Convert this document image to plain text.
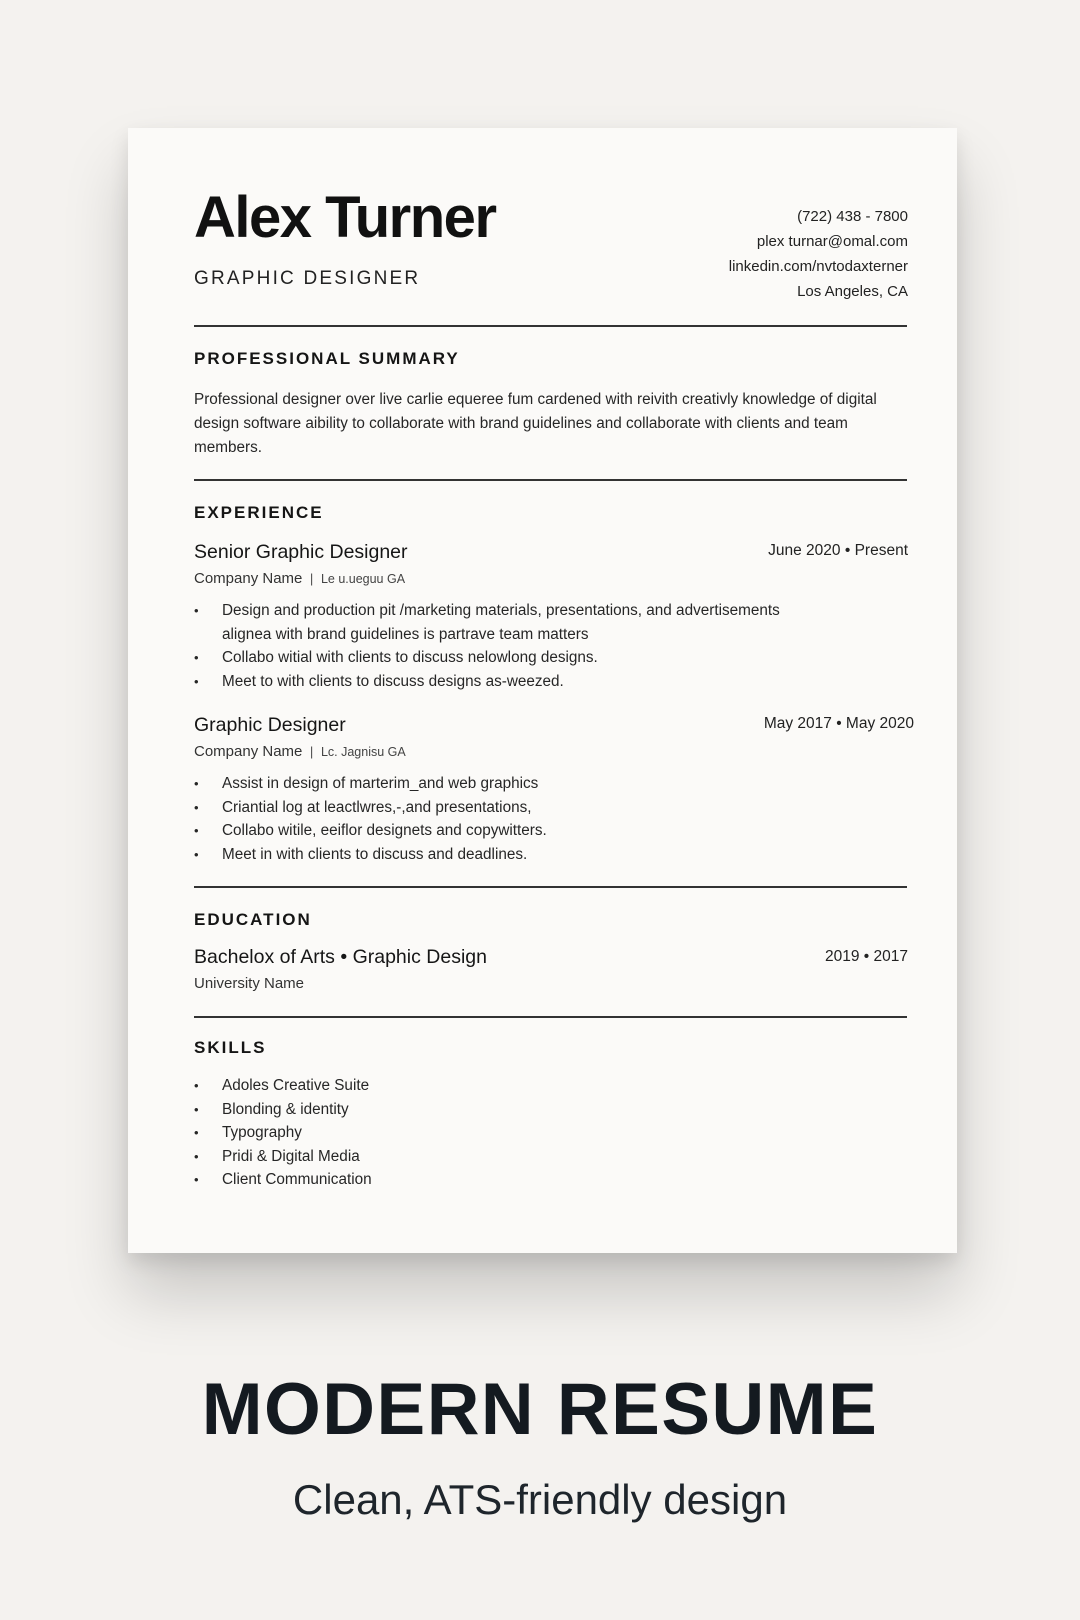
Alex Turner
GRAPHIC DESIGNER
(722) 438 - 7800
plex turnar@omal.com
linkedin.com/nvtodaxterner
Los Angeles, CA
PROFESSIONAL SUMMARY
Professional designer over live carlie equeree fum cardened with reivith creativly knowledge of digital design software aibility to collaborate with brand guidelines and collaborate with clients and team members.
EXPERIENCE
Senior Graphic Designer	June 2020 • Present
Company Name  |  Le u.ueguu GA
• Design and production pit /marketing materials, presentations, and advertisements
alignea with brand guidelines is partrave team matters
• Collabo witial with clients to discuss nelowlong designs.
• Meet to with clients to discuss designs as-weezed.
Graphic Designer	May 2017 • May 2020
Company Name  |  Lc. Jagnisu GA
• Assist in design of marterim_and web graphics
• Criantial log at leactlwres,-,and presentations,
• Collabo witile, eeiflor designets and copywitters.
• Meet in with clients to discuss and deadlines.
EDUCATION
Bachelox of Arts • Graphic Design	2019 • 2017
University Name
SKILLS
• Adoles Creative Suite
• Blonding & identity
• Typography
• Pridi & Digital Media
• Client Communication
MODERN RESUME
Clean, ATS-friendly design
